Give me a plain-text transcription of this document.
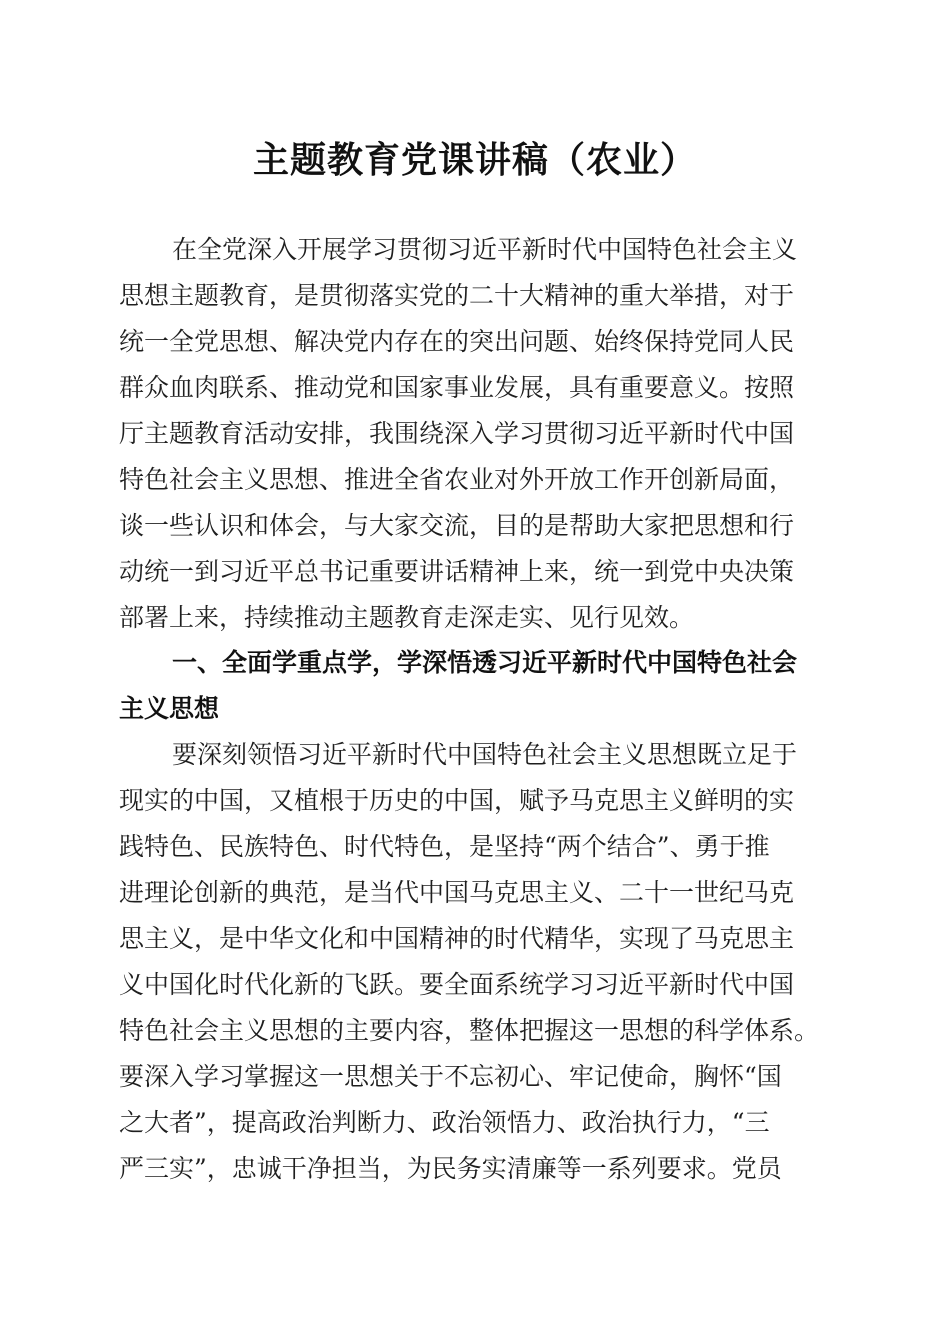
主题教育党课讲稿（农业）

在全党深入开展学习贯彻习近平新时代中国特色社会主义

思想主题教育，是贯彻落实党的二十大精神的重大举措，对于

统一全党思想、解决党内存在的突出问题、始终保持党同人民

群众血肉联系、推动党和国家事业发展，具有重要意义。按照

厅主题教育活动安排，我围绕深入学习贯彻习近平新时代中国

特色社会主义思想、推进全省农业对外开放工作开创新局面，

谈一些认识和体会，与大家交流，目的是帮助大家把思想和行

动统一到习近平总书记重要讲话精神上来，统一到党中央决策

部署上来，持续推动主题教育走深走实、见行见效。

一、全面学重点学，学深悟透习近平新时代中国特色社会

主义思想

要深刻领悟习近平新时代中国特色社会主义思想既立足于

现实的中国，又植根于历史的中国，赋予马克思主义鲜明的实

践特色、民族特色、时代特色，是坚持“两个结合”、勇于推

进理论创新的典范，是当代中国马克思主义、二十一世纪马克

思主义，是中华文化和中国精神的时代精华，实现了马克思主

义中国化时代化新的飞跃。要全面系统学习习近平新时代中国

特色社会主义思想的主要内容，整体把握这一思想的科学体系。

要深入学习掌握这一思想关于不忘初心、牢记使命，胸怀“国

之大者”，提高政治判断力、政治领悟力、政治执行力，“三

严三实”，忠诚干净担当，为民务实清廉等一系列要求。党员
